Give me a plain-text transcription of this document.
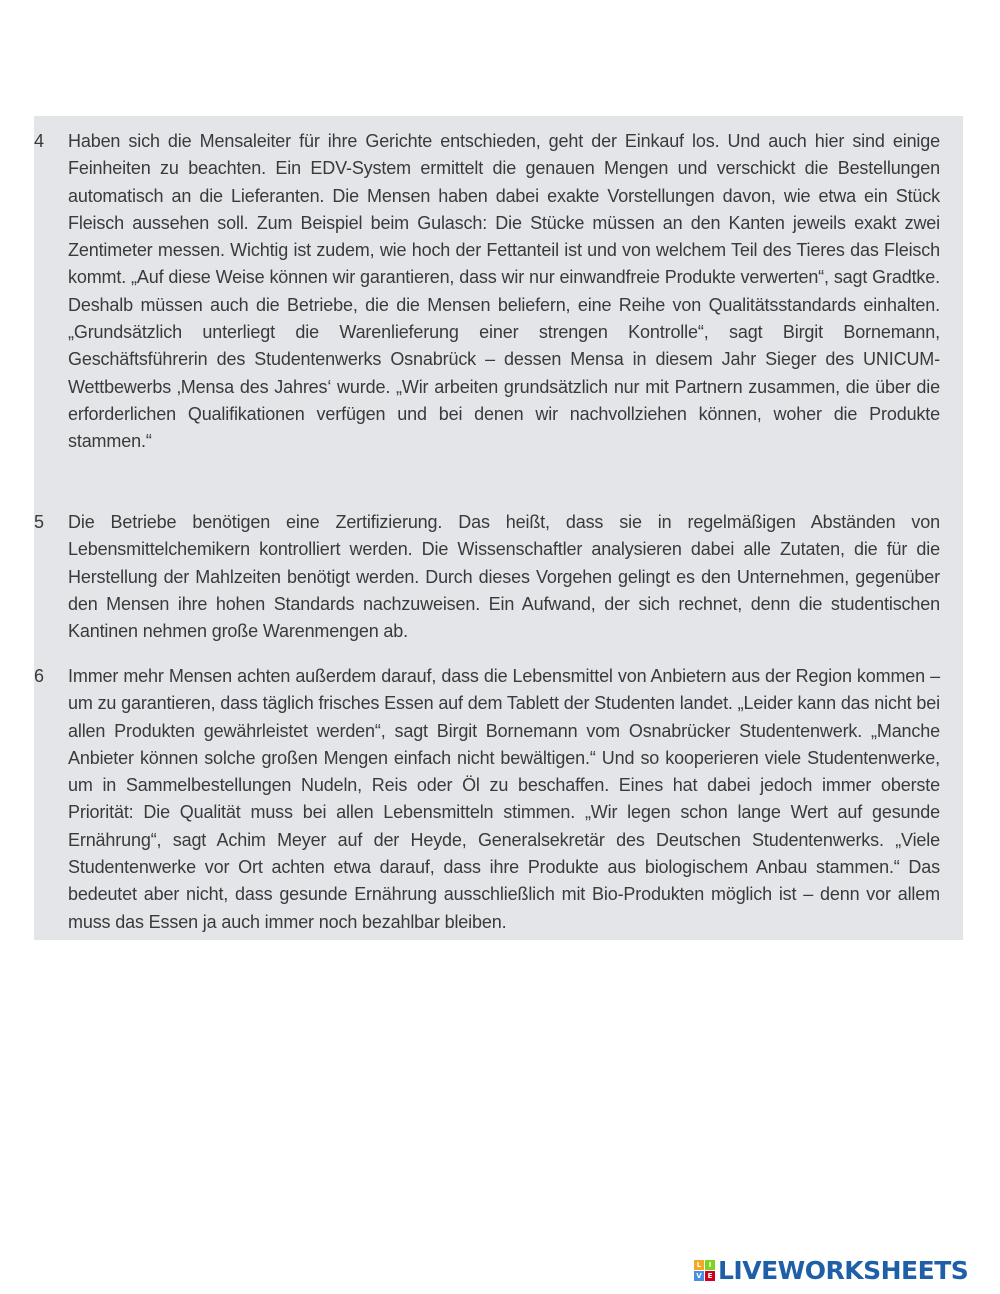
4 Haben sich die Mensaleiter für ihre Gerichte entschieden, geht der Einkauf los. Und auch hier sind einige Feinheiten zu beachten. Ein EDV-System ermittelt die genauen Mengen und verschickt die Bestellungen automatisch an die Lieferanten. Die Mensen haben dabei exakte Vorstellungen davon, wie etwa ein Stück Fleisch aussehen soll. Zum Beispiel beim Gulasch: Die Stücke müssen an den Kanten jeweils exakt zwei Zentimeter messen. Wichtig ist zudem, wie hoch der Fettanteil ist und von welchem Teil des Tieres das Fleisch kommt. „Auf diese Weise können wir garantieren, dass wir nur einwandfreie Produkte verwerten“, sagt Gradtke. Deshalb müssen auch die Betriebe, die die Mensen beliefern, eine Reihe von Qualitätsstandards einhalten. „Grundsätzlich unterliegt die Warenlieferung einer strengen Kontrolle“, sagt Birgit Bornemann, Geschäftsführerin des Studentenwerks Osnabrück – dessen Mensa in diesem Jahr Sieger des UNICUM-Wettbewerbs ‚Mensa des Jahres‘ wurde. „Wir arbeiten grundsätzlich nur mit Partnern zusammen, die über die erforderlichen Qualifikationen verfügen und bei denen wir nachvollziehen können, woher die Produkte stammen.“
5 Die Betriebe benötigen eine Zertifizierung. Das heißt, dass sie in regelmäßigen Abständen von Lebensmittelchemikern kontrolliert werden. Die Wissenschaftler analysieren dabei alle Zutaten, die für die Herstellung der Mahlzeiten benötigt werden. Durch dieses Vorgehen gelingt es den Unternehmen, gegenüber den Mensen ihre hohen Standards nachzuweisen. Ein Aufwand, der sich rechnet, denn die studentischen Kantinen nehmen große Warenmengen ab.
6 Immer mehr Mensen achten außerdem darauf, dass die Lebensmittel von Anbietern aus der Region kommen – um zu garantieren, dass täglich frisches Essen auf dem Tablett der Studenten landet. „Leider kann das nicht bei allen Produkten gewährleistet werden“, sagt Birgit Bornemann vom Osnabrücker Studentenwerk. „Manche Anbieter können solche großen Mengen einfach nicht bewältigen.“ Und so kooperieren viele Studentenwerke, um in Sammelbestellungen Nudeln, Reis oder Öl zu beschaffen. Eines hat dabei jedoch immer oberste Priorität: Die Qualität muss bei allen Lebensmitteln stimmen. „Wir legen schon lange Wert auf gesunde Ernährung“, sagt Achim Meyer auf der Heyde, Generalsekretär des Deutschen Studentenwerks. „Viele Studentenwerke vor Ort achten etwa darauf, dass ihre Produkte aus biologischem Anbau stammen.“ Das bedeutet aber nicht, dass gesunde Ernährung ausschließlich mit Bio-Produkten möglich ist – denn vor allem muss das Essen ja auch immer noch bezahlbar bleiben.
L	I
V E LIVEWORKSHEETS
